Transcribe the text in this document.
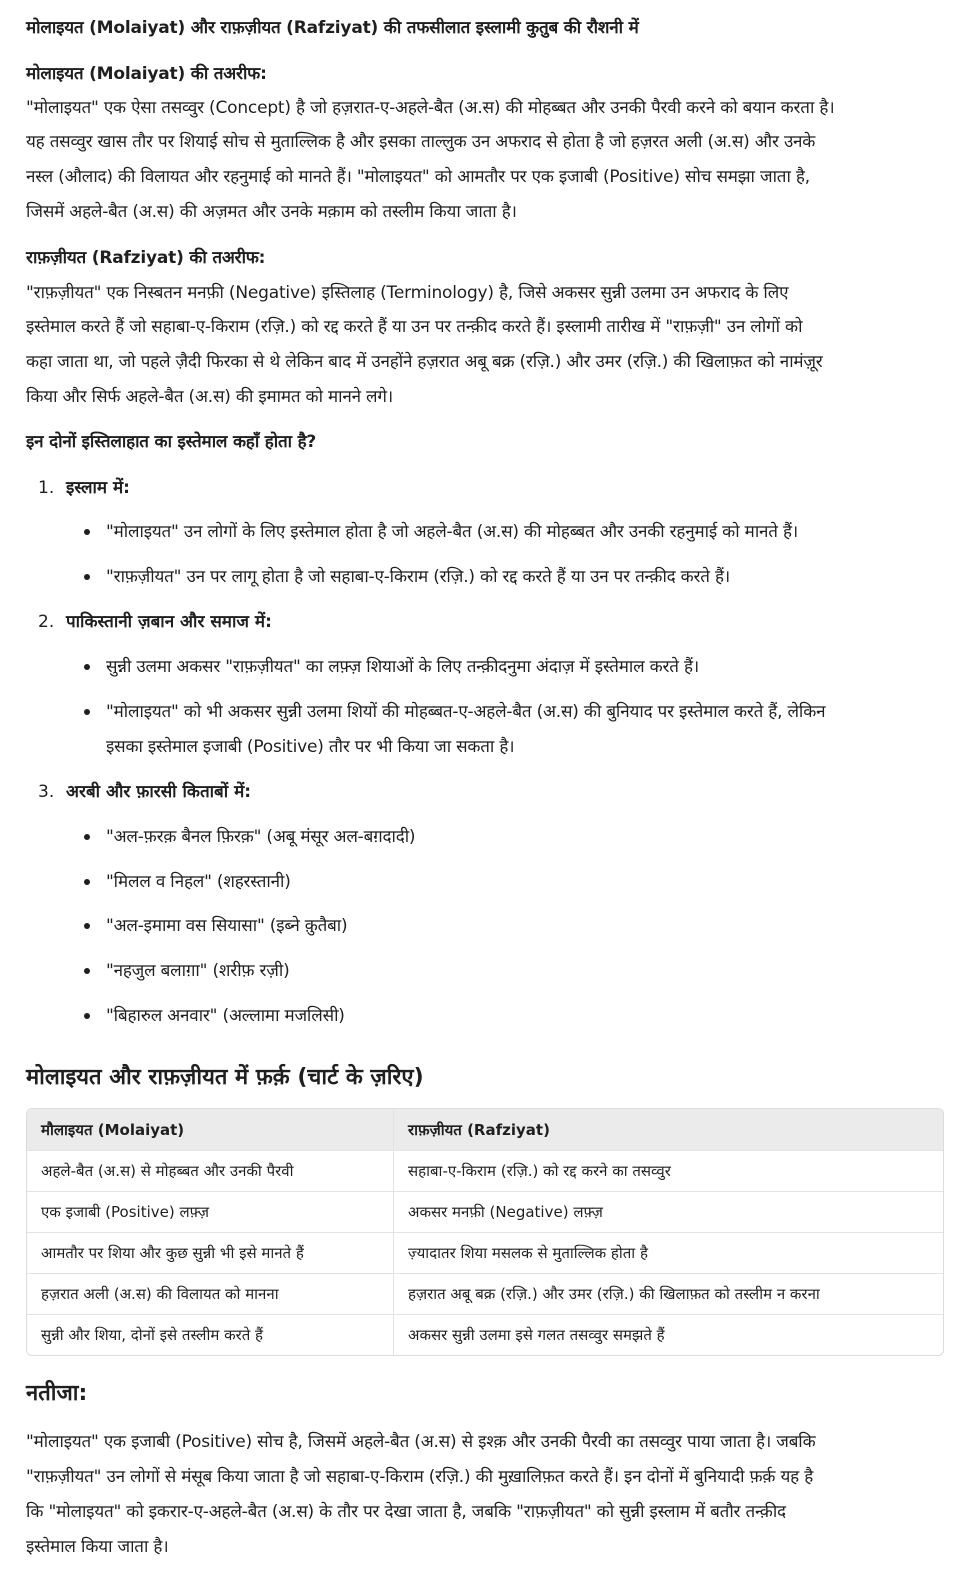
मोलाइयत (Molaiyat) और राफ़ज़ीयत (Rafziyat) की तफसीलात इस्लामी कुतुब की रौशनी में
मोलाइयत (Molaiyat) की तअरीफ:
"मोलाइयत" एक ऐसा तसव्वुर (Concept) है जो हज़रात-ए-अहले-बैत (अ.स) की मोहब्बत और उनकी पैरवी करने को बयान करता है।
यह तसव्वुर खास तौर पर शियाई सोच से मुताल्लिक है और इसका ताल्लुक उन अफराद से होता है जो हज़रत अली (अ.स) और उनके
नस्ल (औलाद) की विलायत और रहनुमाई को मानते हैं। "मोलाइयत" को आमतौर पर एक इजाबी (Positive) सोच समझा जाता है,
जिसमें अहले-बैत (अ.स) की अज़मत और उनके मक़ाम को तस्लीम किया जाता है।
राफ़ज़ीयत (Rafziyat) की तअरीफ:
"राफ़ज़ीयत" एक निस्बतन मनफ़ी (Negative) इस्तिलाह (Terminology) है, जिसे अकसर सुन्नी उलमा उन अफराद के लिए
इस्तेमाल करते हैं जो सहाबा-ए-किराम (रज़ि.) को रद्द करते हैं या उन पर तन्क़ीद करते हैं। इस्लामी तारीख में "राफ़ज़ी" उन लोगों को
कहा जाता था, जो पहले ज़ैदी फिरका से थे लेकिन बाद में उनहोंने हज़रात अबू बक्र (रज़ि.) और उमर (रज़ि.) की खिलाफ़त को नामंज़ूर
किया और सिर्फ अहले-बैत (अ.स) की इमामत को मानने लगे।
इन दोनों इस्तिलाहात का इस्तेमाल कहाँ होता है?
1. इस्लाम में:
"मोलाइयत" उन लोगों के लिए इस्तेमाल होता है जो अहले-बैत (अ.स) की मोहब्बत और उनकी रहनुमाई को मानते हैं।
"राफ़ज़ीयत" उन पर लागू होता है जो सहाबा-ए-किराम (रज़ि.) को रद्द करते हैं या उन पर तन्क़ीद करते हैं।
2. पाकिस्तानी ज़बान और समाज में:
सुन्नी उलमा अकसर "राफ़ज़ीयत" का लफ़्ज़ शियाओं के लिए तन्क़ीदनुमा अंदाज़ में इस्तेमाल करते हैं।
"मोलाइयत" को भी अकसर सुन्नी उलमा शियों की मोहब्बत-ए-अहले-बैत (अ.स) की बुनियाद पर इस्तेमाल करते हैं, लेकिन
इसका इस्तेमाल इजाबी (Positive) तौर पर भी किया जा सकता है।
3. अरबी और फ़ारसी किताबों में:
"अल-फ़रक़ बैनल फ़िरक़" (अबू मंसूर अल-बग़दादी)
"मिलल व निहल" (शहरस्तानी)
"अल-इमामा वस सियासा" (इब्ने क़ुतैबा)
"नहजुल बलाग़ा" (शरीफ़ रज़ी)
"बिहारुल अनवार" (अल्लामा मजलिसी)
मोलाइयत और राफ़ज़ीयत में फ़र्क़ (चार्ट के ज़रिए)
मौलाइयत (Molaiyat)	राफ़ज़ीयत (Rafziyat)
अहले-बैत (अ.स) से मोहब्बत और उनकी पैरवी	सहाबा-ए-किराम (रज़ि.) को रद्द करने का तसव्वुर
एक इजाबी (Positive) लफ़्ज़	अकसर मनफ़ी (Negative) लफ़्ज़
आमतौर पर शिया और कुछ सुन्नी भी इसे मानते हैं	ज़्यादातर शिया मसलक से मुताल्लिक होता है
हज़रात अली (अ.स) की विलायत को मानना	हज़रात अबू बक्र (रज़ि.) और उमर (रज़ि.) की खिलाफ़त को तस्लीम न करना
सुन्नी और शिया, दोनों इसे तस्लीम करते हैं	अकसर सुन्नी उलमा इसे गलत तसव्वुर समझते हैं
नतीजा:
"मोलाइयत" एक इजाबी (Positive) सोच है, जिसमें अहले-बैत (अ.स) से इश्क़ और उनकी पैरवी का तसव्वुर पाया जाता है। जबकि
"राफ़ज़ीयत" उन लोगों से मंसूब किया जाता है जो सहाबा-ए-किराम (रज़ि.) की मुख़ालिफ़त करते हैं। इन दोनों में बुनियादी फ़र्क़ यह है
कि "मोलाइयत" को इकरार-ए-अहले-बैत (अ.स) के तौर पर देखा जाता है, जबकि "राफ़ज़ीयत" को सुन्नी इस्लाम में बतौर तन्क़ीद
इस्तेमाल किया जाता है।
